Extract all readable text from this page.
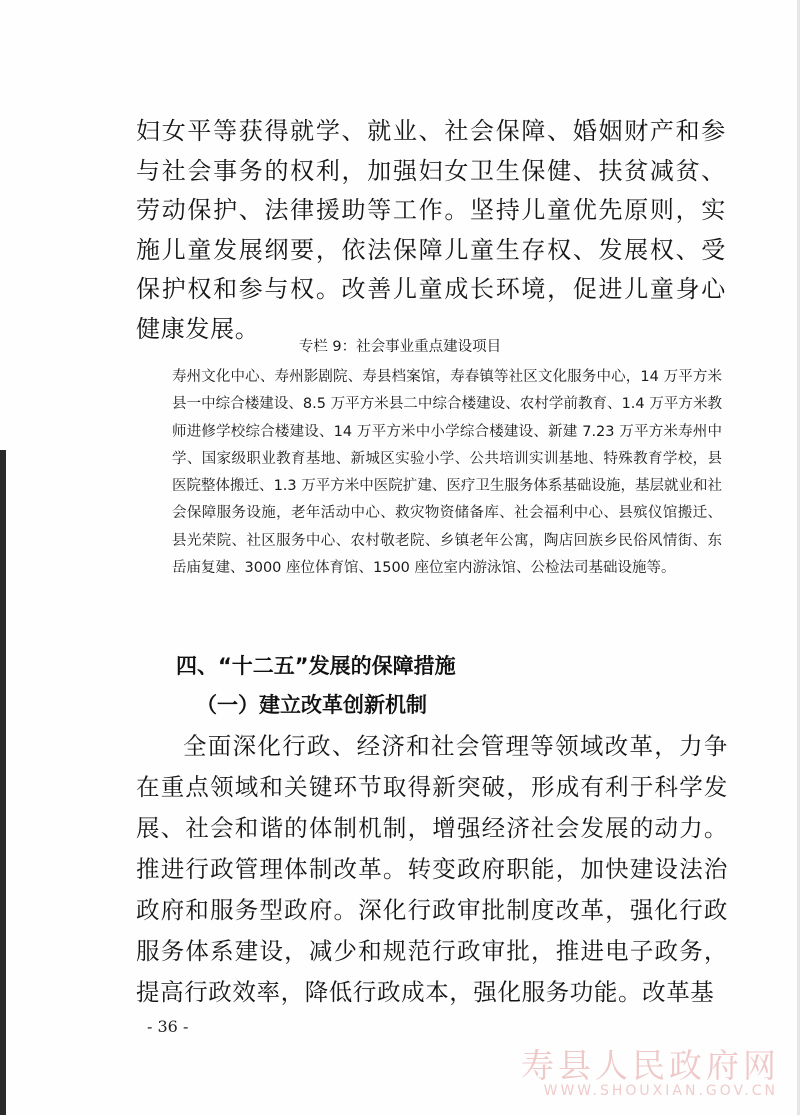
妇女平等获得就学、就业、社会保障、婚姻财产和参与社会事务的权利，加强妇女卫生保健、扶贫减贫、劳动保护、法律援助等工作。坚持儿童优先原则，实施儿童发展纲要，依法保障儿童生存权、发展权、受保护权和参与权。改善儿童成长环境，促进儿童身心健康发展。
专栏 9：社会事业重点建设项目
寿州文化中心、寿州影剧院、寿县档案馆，寿春镇等社区文化服务中心，14 万平方米县一中综合楼建设、8.5 万平方米县二中综合楼建设、农村学前教育、1.4 万平方米教师进修学校综合楼建设、14 万平方米中小学综合楼建设、新建 7.23 万平方米寿州中学、国家级职业教育基地、新城区实验小学、公共培训实训基地、特殊教育学校，县医院整体搬迁、1.3 万平方米中医院扩建、医疗卫生服务体系基础设施，基层就业和社会保障服务设施，老年活动中心、救灾物资储备库、社会福利中心、县殡仪馆搬迁、县光荣院、社区服务中心、农村敬老院、乡镇老年公寓，陶店回族乡民俗风情街、东岳庙复建、3000 座位体育馆、1500 座位室内游泳馆、公检法司基础设施等。
四、“十二五”发展的保障措施
（一）建立改革创新机制
全面深化行政、经济和社会管理等领域改革，力争在重点领域和关键环节取得新突破，形成有利于科学发展、社会和谐的体制机制，增强经济社会发展的动力。推进行政管理体制改革。转变政府职能，加快建设法治政府和服务型政府。深化行政审批制度改革，强化行政服务体系建设，减少和规范行政审批，推进电子政务，提高行政效率，降低行政成本，强化服务功能。改革基
- 36 -
寿县人民政府网
WWW.SHOUXIAN.GOV.CN
